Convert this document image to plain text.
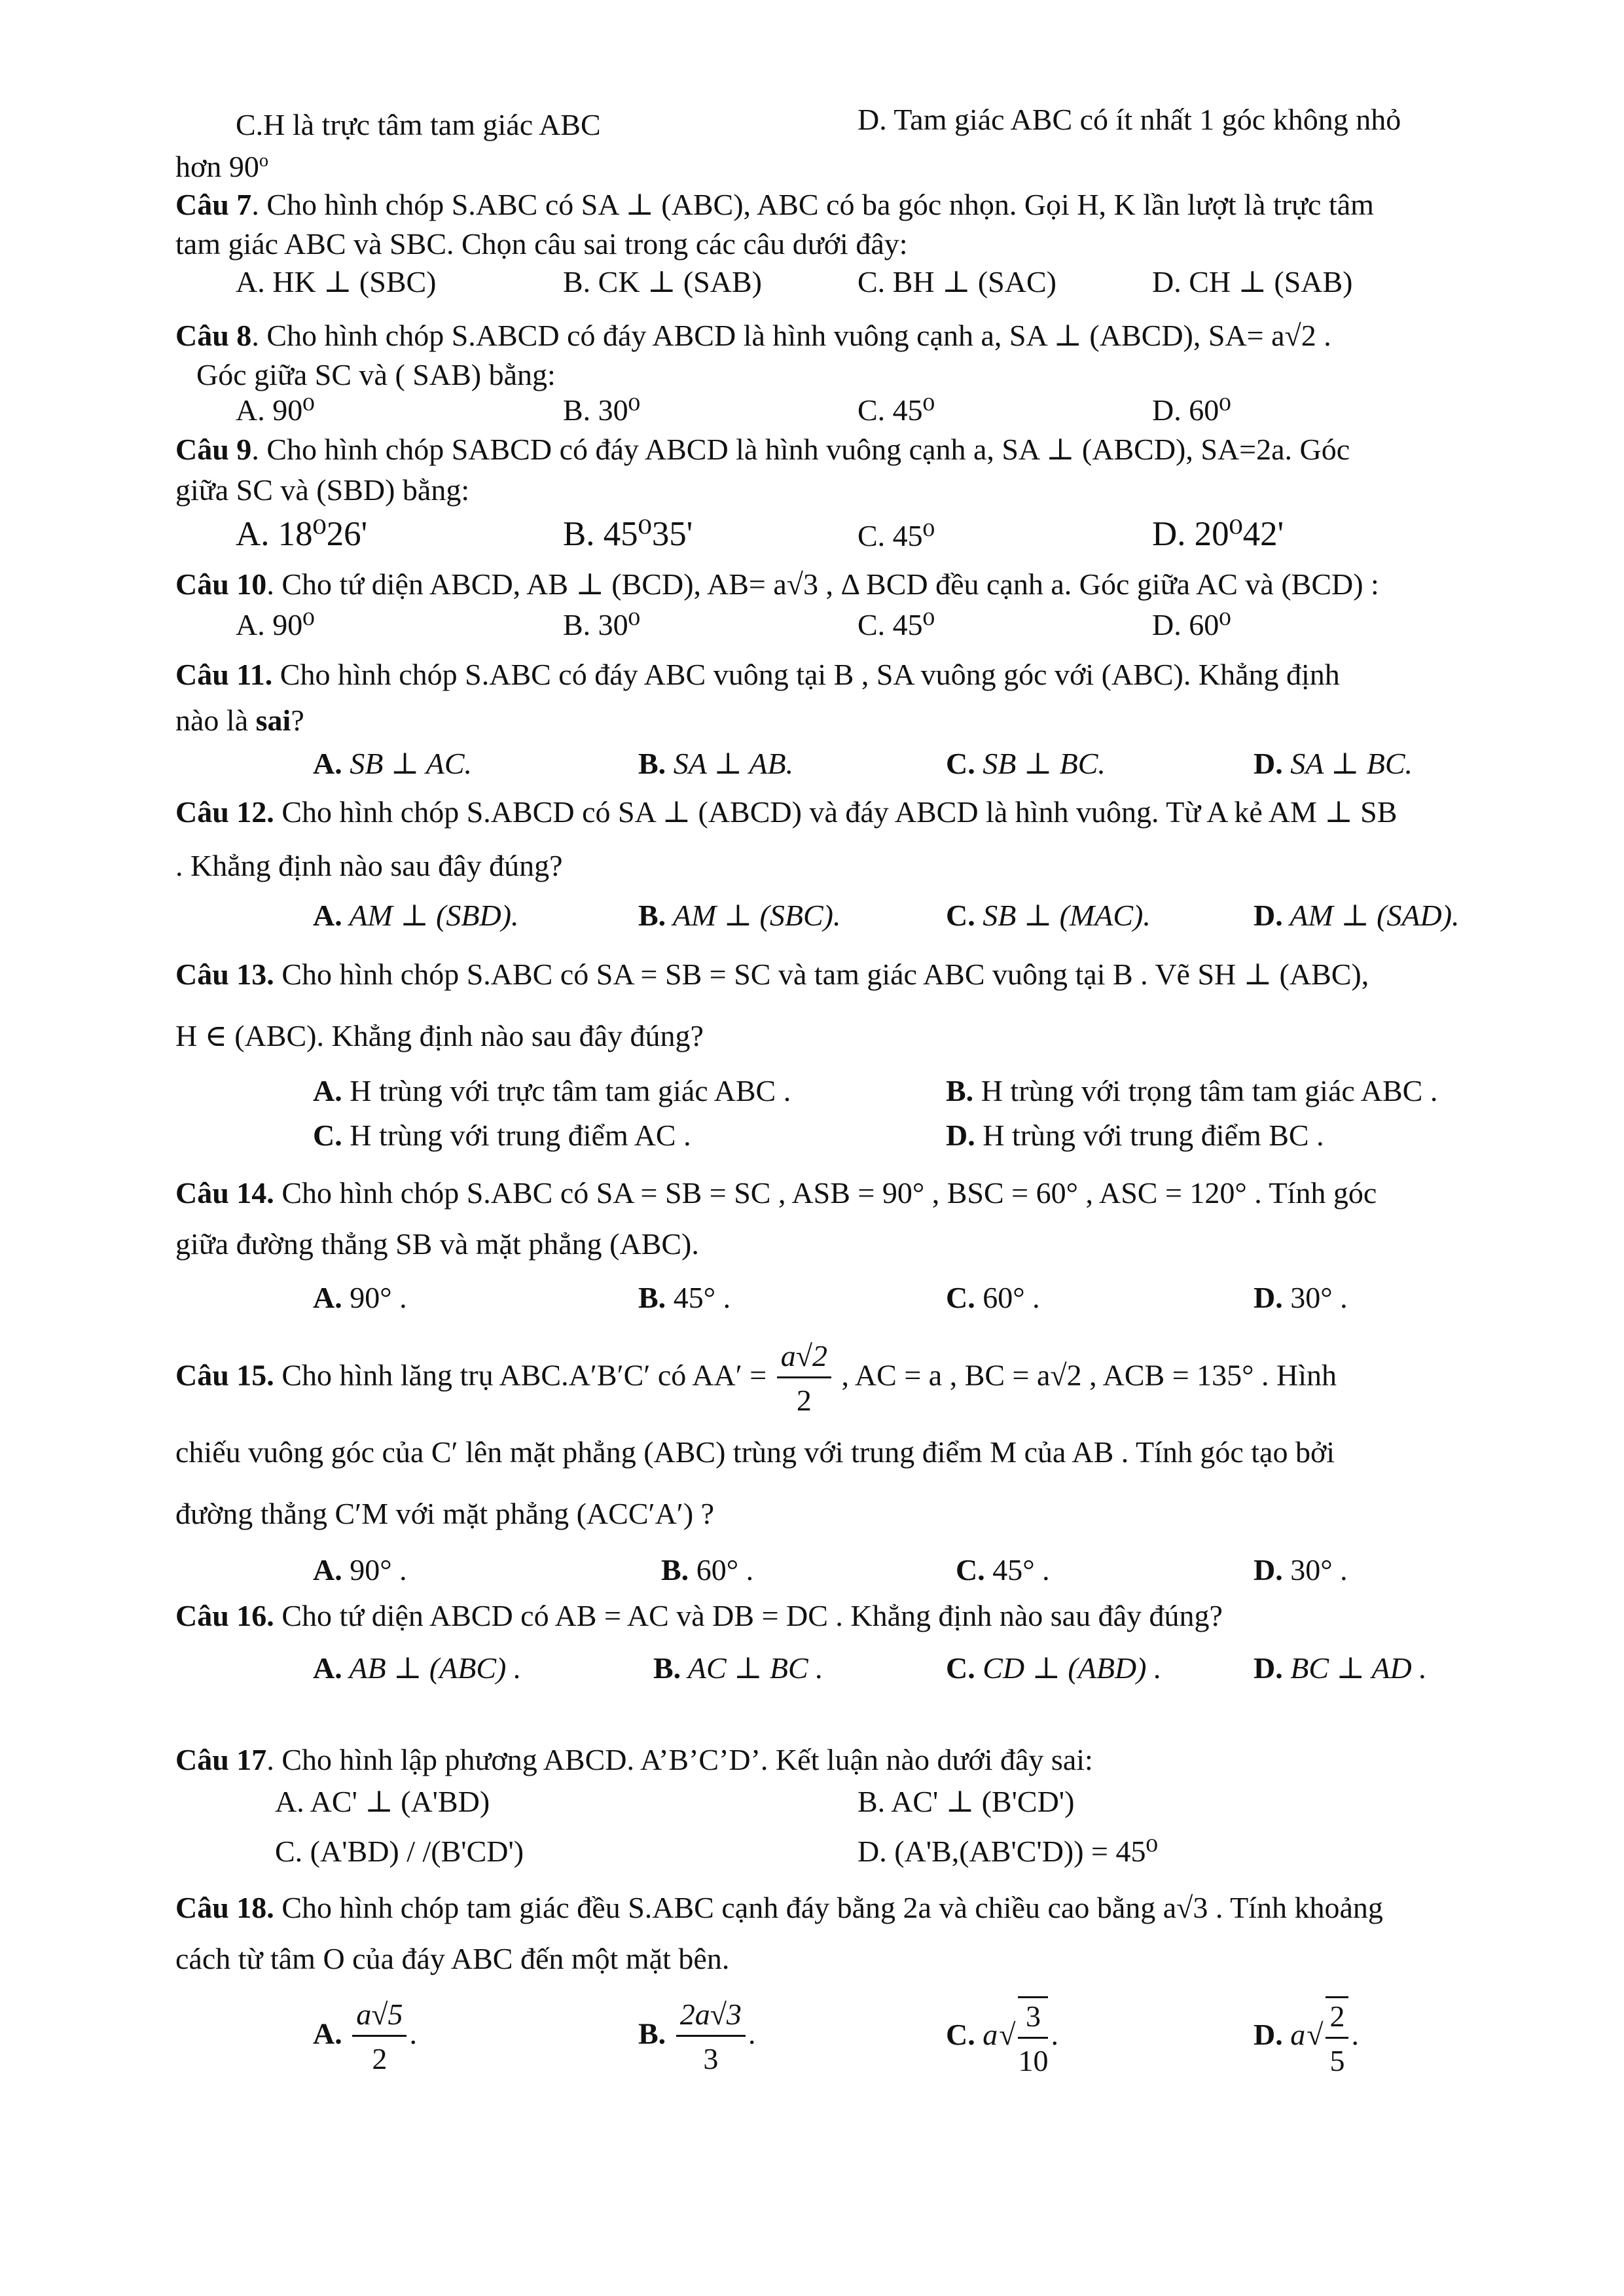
C.H là trực tâm tam giác ABC	D. Tam giác ABC có ít nhất 1 góc không nhỏ
hơn 90$^o$
Câu 7. Cho hình chóp S.ABC có SA ⊥ (ABC), ABC có ba góc nhọn. Gọi H, K lần lượt là trực tâm
tam giác ABC và SBC. Chọn câu sai trong các câu dưới đây:
A. HK ⊥ (SBC)	B. CK ⊥ (SAB)	C. BH ⊥ (SAC)	D. CH ⊥ (SAB)
Câu 8. Cho hình chóp S.ABCD có đáy ABCD là hình vuông cạnh a, SA ⊥ (ABCD), SA= a√2 .
Góc giữa SC và ( SAB) bằng:
A. 90⁰	B. 30⁰	C. 45⁰	D. 60⁰
Câu 9. Cho hình chóp SABCD có đáy ABCD là hình vuông cạnh a, SA ⊥ (ABCD), SA=2a. Góc
giữa SC và (SBD) bằng:
A. 18⁰26'	B. 45⁰35'	C. 45⁰	D. 20⁰42'
Câu 10. Cho tứ diện ABCD, AB ⊥ (BCD), AB= a√3 , Δ BCD đều cạnh a. Góc giữa AC và (BCD) :
A. 90⁰	B. 30⁰	C. 45⁰	D. 60⁰
Câu 11. Cho hình chóp S.ABC có đáy ABC vuông tại B , SA vuông góc với (ABC). Khẳng định
nào là sai?
A. SB ⊥ AC.	B. SA ⊥ AB.	C. SB ⊥ BC.	D. SA ⊥ BC.
Câu 12. Cho hình chóp S.ABCD có SA ⊥ (ABCD) và đáy ABCD là hình vuông. Từ A kẻ AM ⊥ SB
. Khẳng định nào sau đây đúng?
A. AM ⊥ (SBD).	B. AM ⊥ (SBC).	C. SB ⊥ (MAC).	D. AM ⊥ (SAD).
Câu 13. Cho hình chóp S.ABC có SA = SB = SC và tam giác ABC vuông tại B . Vẽ SH ⊥ (ABC),
H ∈ (ABC). Khẳng định nào sau đây đúng?
A. H trùng với trực tâm tam giác ABC .	B. H trùng với trọng tâm tam giác ABC .
C. H trùng với trung điểm AC .	D. H trùng với trung điểm BC .
Câu 14. Cho hình chóp S.ABC có SA = SB = SC , ASB = 90° , BSC = 60° , ASC = 120° . Tính góc
giữa đường thẳng SB và mặt phẳng (ABC).
A. 90° .	B. 45° .	C. 60° .	D. 30° .
Câu 15. Cho hình lăng trụ ABC.A′B′C′ có $AA' = \frac{a√2}{2}$ , AC = a , BC = a√2 , ACB = 135° . Hình
chiếu vuông góc của C′ lên mặt phẳng (ABC) trùng với trung điểm M của AB . Tính góc tạo bởi
đường thẳng C′M với mặt phẳng (ACC′A′) ?
A. 90° .	B. 60° .	C. 45° .	D. 30° .
Câu 16. Cho tứ diện ABCD có AB = AC và DB = DC . Khẳng định nào sau đây đúng?
A. AB ⊥ (ABC) .	B. AC ⊥ BC .	C. CD ⊥ (ABD) .	D. BC ⊥ AD .
Câu 17. Cho hình lập phương ABCD. A’B’C’D’. Kết luận nào dưới đây sai:
A. AC' ⊥ (A'BD)	B. AC' ⊥ (B'CD')
C. (A'BD) / /(B'CD')	D. (A'B,(AB'C'D)) = 45⁰
Câu 18. Cho hình chóp tam giác đều S.ABC cạnh đáy bằng 2a và chiều cao bằng a√3 . Tính khoảng
cách từ tâm O của đáy ABC đến một mặt bên.
A. $\frac{a√5}{2}$ .	B. $\frac{2a√3}{3}$ .	C. $a√ \frac{3}{10}$ .	D. $a√ \frac{2}{5}$ .
